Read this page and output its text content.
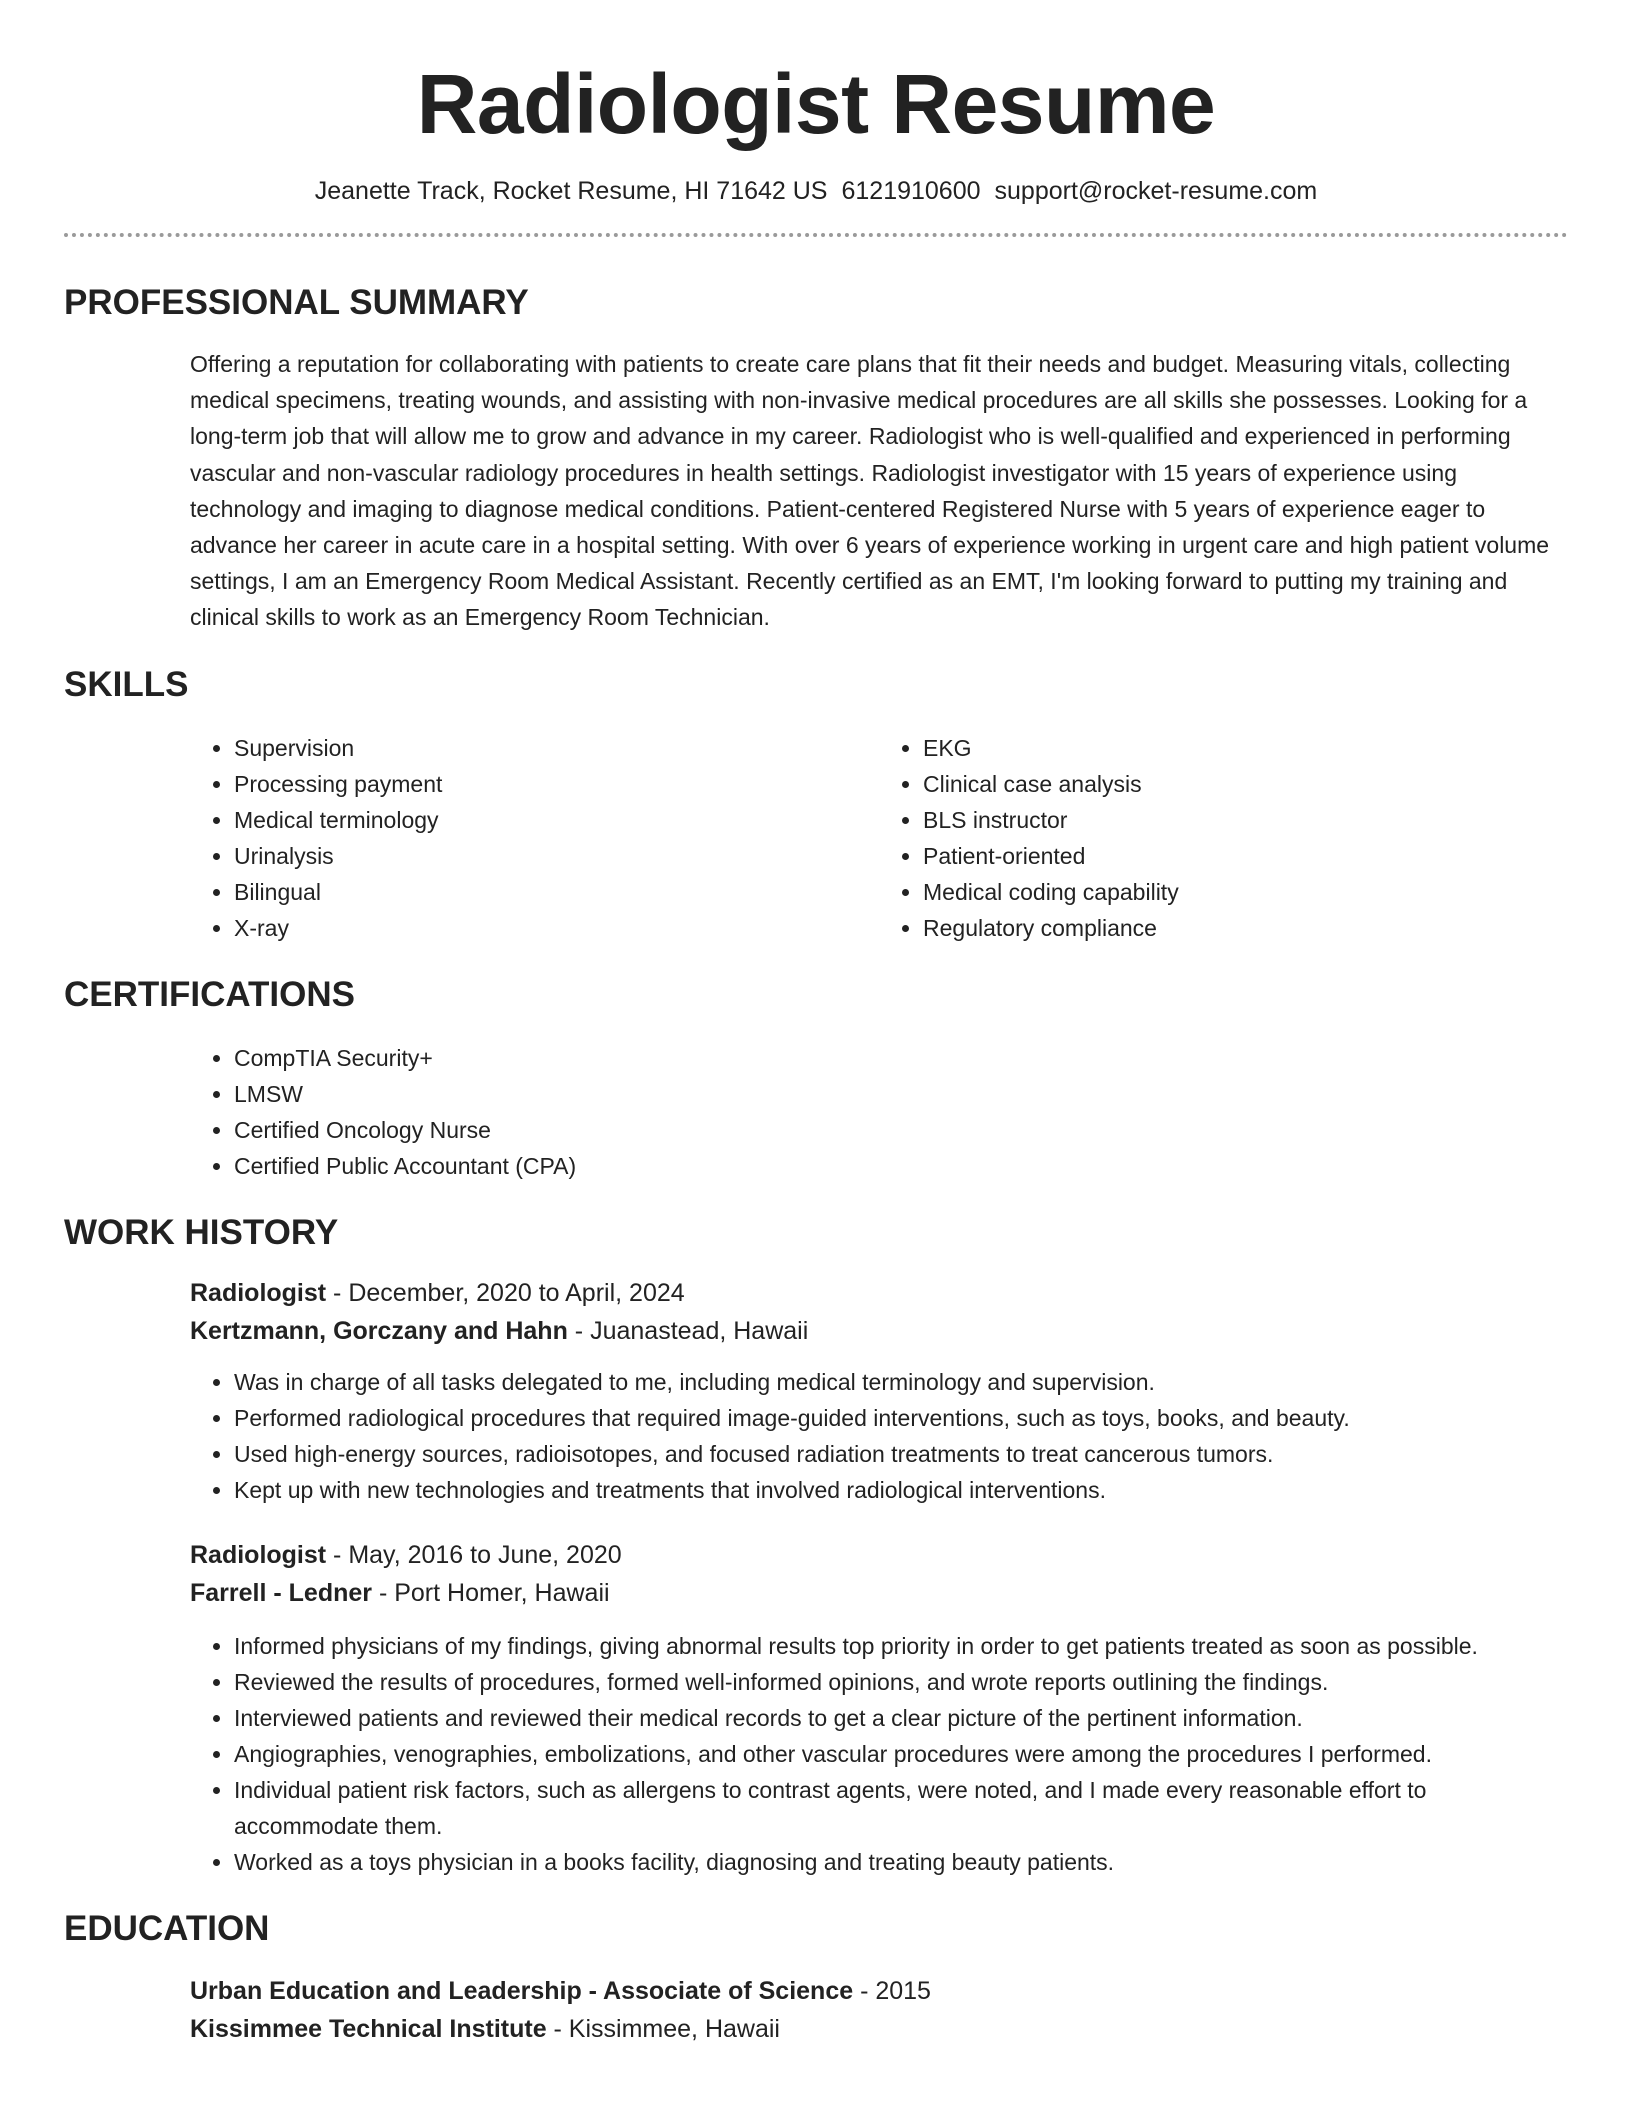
Radiologist Resume
Jeanette Track, Rocket Resume, HI 71642 US 6121910600 support@rocket-resume.com
PROFESSIONAL SUMMARY

Offering a reputation for collaborating with patients to create care plans that fit their needs and budget. Measuring vitals, collecting medical specimens, treating wounds, and assisting with non-invasive medical procedures are all skills she possesses. Looking for a long-term job that will allow me to grow and advance in my career. Radiologist who is well-qualified and experienced in performing vascular and non-vascular radiology procedures in health settings. Radiologist investigator with 15 years of experience using technology and imaging to diagnose medical conditions. Patient-centered Registered Nurse with 5 years of experience eager to advance her career in acute care in a hospital setting. With over 6 years of experience working in urgent care and high patient volume settings, I am an Emergency Room Medical Assistant. Recently certified as an EMT, I'm looking forward to putting my training and clinical skills to work as an Emergency Room Technician.

SKILLS
• Supervision
• Processing payment
• Medical terminology
• Urinalysis
• Bilingual
• X-ray
• EKG
• Clinical case analysis
• BLS instructor
• Patient-oriented
• Medical coding capability
• Regulatory compliance
CERTIFICATIONS
• CompTIA Security+
• LMSW
• Certified Oncology Nurse
• Certified Public Accountant (CPA)
WORK HISTORY
Radiologist - December, 2020 to April, 2024
Kertzmann, Gorczany and Hahn - Juanastead, Hawaii
• Was in charge of all tasks delegated to me, including medical terminology and supervision.
• Performed radiological procedures that required image-guided interventions, such as toys, books, and beauty.
• Used high-energy sources, radioisotopes, and focused radiation treatments to treat cancerous tumors.
• Kept up with new technologies and treatments that involved radiological interventions.
Radiologist - May, 2016 to June, 2020
Farrell - Ledner - Port Homer, Hawaii
• Informed physicians of my findings, giving abnormal results top priority in order to get patients treated as soon as possible.
• Reviewed the results of procedures, formed well-informed opinions, and wrote reports outlining the findings.
• Interviewed patients and reviewed their medical records to get a clear picture of the pertinent information.
• Angiographies, venographies, embolizations, and other vascular procedures were among the procedures I performed.
• Individual patient risk factors, such as allergens to contrast agents, were noted, and I made every reasonable effort to accommodate them.
• Worked as a toys physician in a books facility, diagnosing and treating beauty patients.
EDUCATION
Urban Education and Leadership - Associate of Science - 2015
Kissimmee Technical Institute - Kissimmee, Hawaii
